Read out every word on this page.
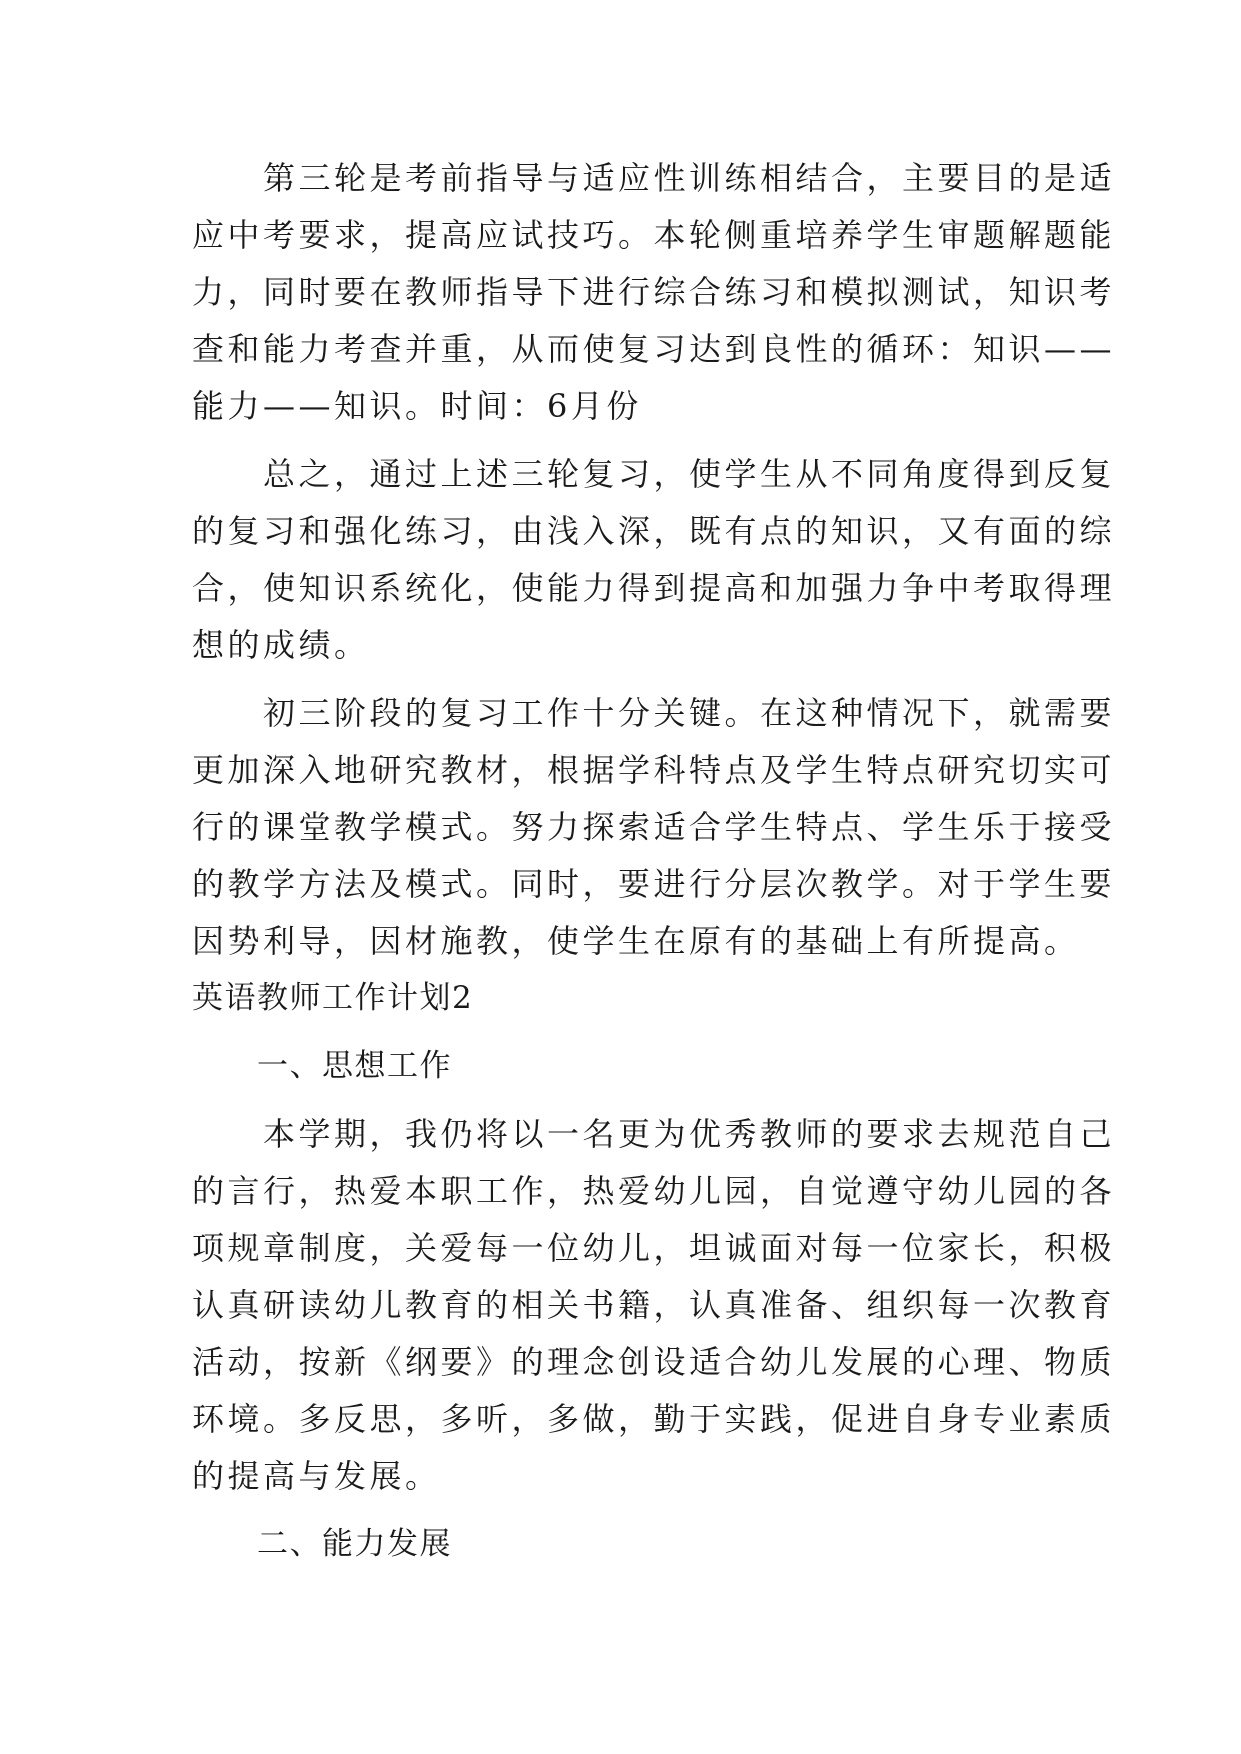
　　第三轮是考前指导与适应性训练相结合，主要目的是适
应中考要求，提高应试技巧。本轮侧重培养学生审题解题能
力，同时要在教师指导下进行综合练习和模拟测试，知识考
查和能力考查并重，从而使复习达到良性的循环：知识——
能力——知识。时间：6月份
　　总之，通过上述三轮复习，使学生从不同角度得到反复
的复习和强化练习，由浅入深，既有点的知识，又有面的综
合，使知识系统化，使能力得到提高和加强力争中考取得理
想的成绩。
　　初三阶段的复习工作十分关键。在这种情况下，就需要
更加深入地研究教材，根据学科特点及学生特点研究切实可
行的课堂教学模式。努力探索适合学生特点、学生乐于接受
的教学方法及模式。同时，要进行分层次教学。对于学生要
因势利导，因材施教，使学生在原有的基础上有所提高。
英语教师工作计划2
　　一、思想工作
　　本学期，我仍将以一名更为优秀教师的要求去规范自己
的言行，热爱本职工作，热爱幼儿园，自觉遵守幼儿园的各
项规章制度，关爱每一位幼儿，坦诚面对每一位家长，积极
认真研读幼儿教育的相关书籍，认真准备、组织每一次教育
活动，按新《纲要》的理念创设适合幼儿发展的心理、物质
环境。多反思，多听，多做，勤于实践，促进自身专业素质
的提高与发展。
　　二、能力发展
